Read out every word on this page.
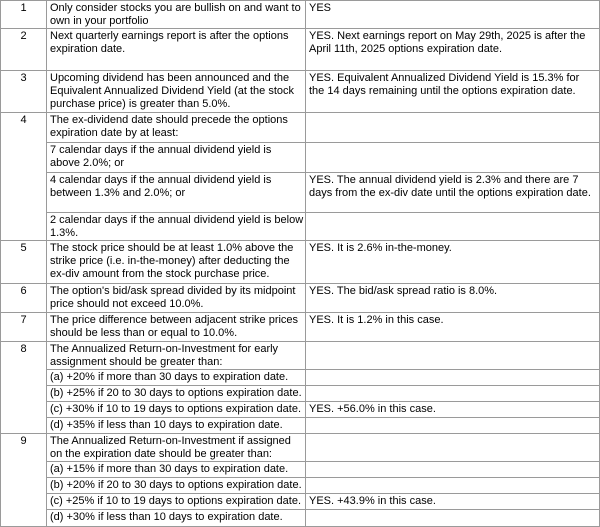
1	Only consider stocks you are bullish on and want to own in your portfolio	YES
2	Next quarterly earnings report is after the options expiration date.	YES. Next earnings report on May 29th, 2025 is after the April 11th, 2025 options expiration date.
3	Upcoming dividend has been announced and the Equivalent Annualized Dividend Yield (at the stock purchase price) is greater than 5.0%.	YES. Equivalent Annualized Dividend Yield is 15.3% for the 14 days remaining until the options expiration date.
4	The ex-dividend date should precede the options expiration date by at least:	
	7 calendar days if the annual dividend yield is above 2.0%; or	
	4 calendar days if the annual dividend yield is between 1.3% and 2.0%; or	YES. The annual dividend yield is 2.3% and there are 7 days from the ex-div date until the options expiration date.
	2 calendar days if the annual dividend yield is below 1.3%.	
5	The stock price should be at least 1.0% above the strike price (i.e. in-the-money) after deducting the ex-div amount from the stock purchase price.	YES. It is 2.6% in-the-money.
6	The option's bid/ask spread divided by its midpoint price should not exceed 10.0%.	YES. The bid/ask spread ratio is 8.0%.
7	The price difference between adjacent strike prices should be less than or equal to 10.0%.	YES. It is 1.2% in this case.
8	The Annualized Return-on-Investment for early assignment should be greater than:	
	(a) +20% if more than 30 days to expiration date.	
	(b) +25% if 20 to 30 days to options expiration date.	
	(c) +30% if 10 to 19 days to options expiration date.	YES. +56.0% in this case.
	(d) +35% if less than 10 days to expiration date.	
9	The Annualized Return-on-Investment if assigned on the expiration date should be greater than:	
	(a) +15% if more than 30 days to expiration date.	
	(b) +20% if 20 to 30 days to options expiration date.	
	(c) +25% if 10 to 19 days to options expiration date.	YES. +43.9% in this case.
	(d) +30% if less than 10 days to expiration date.	
